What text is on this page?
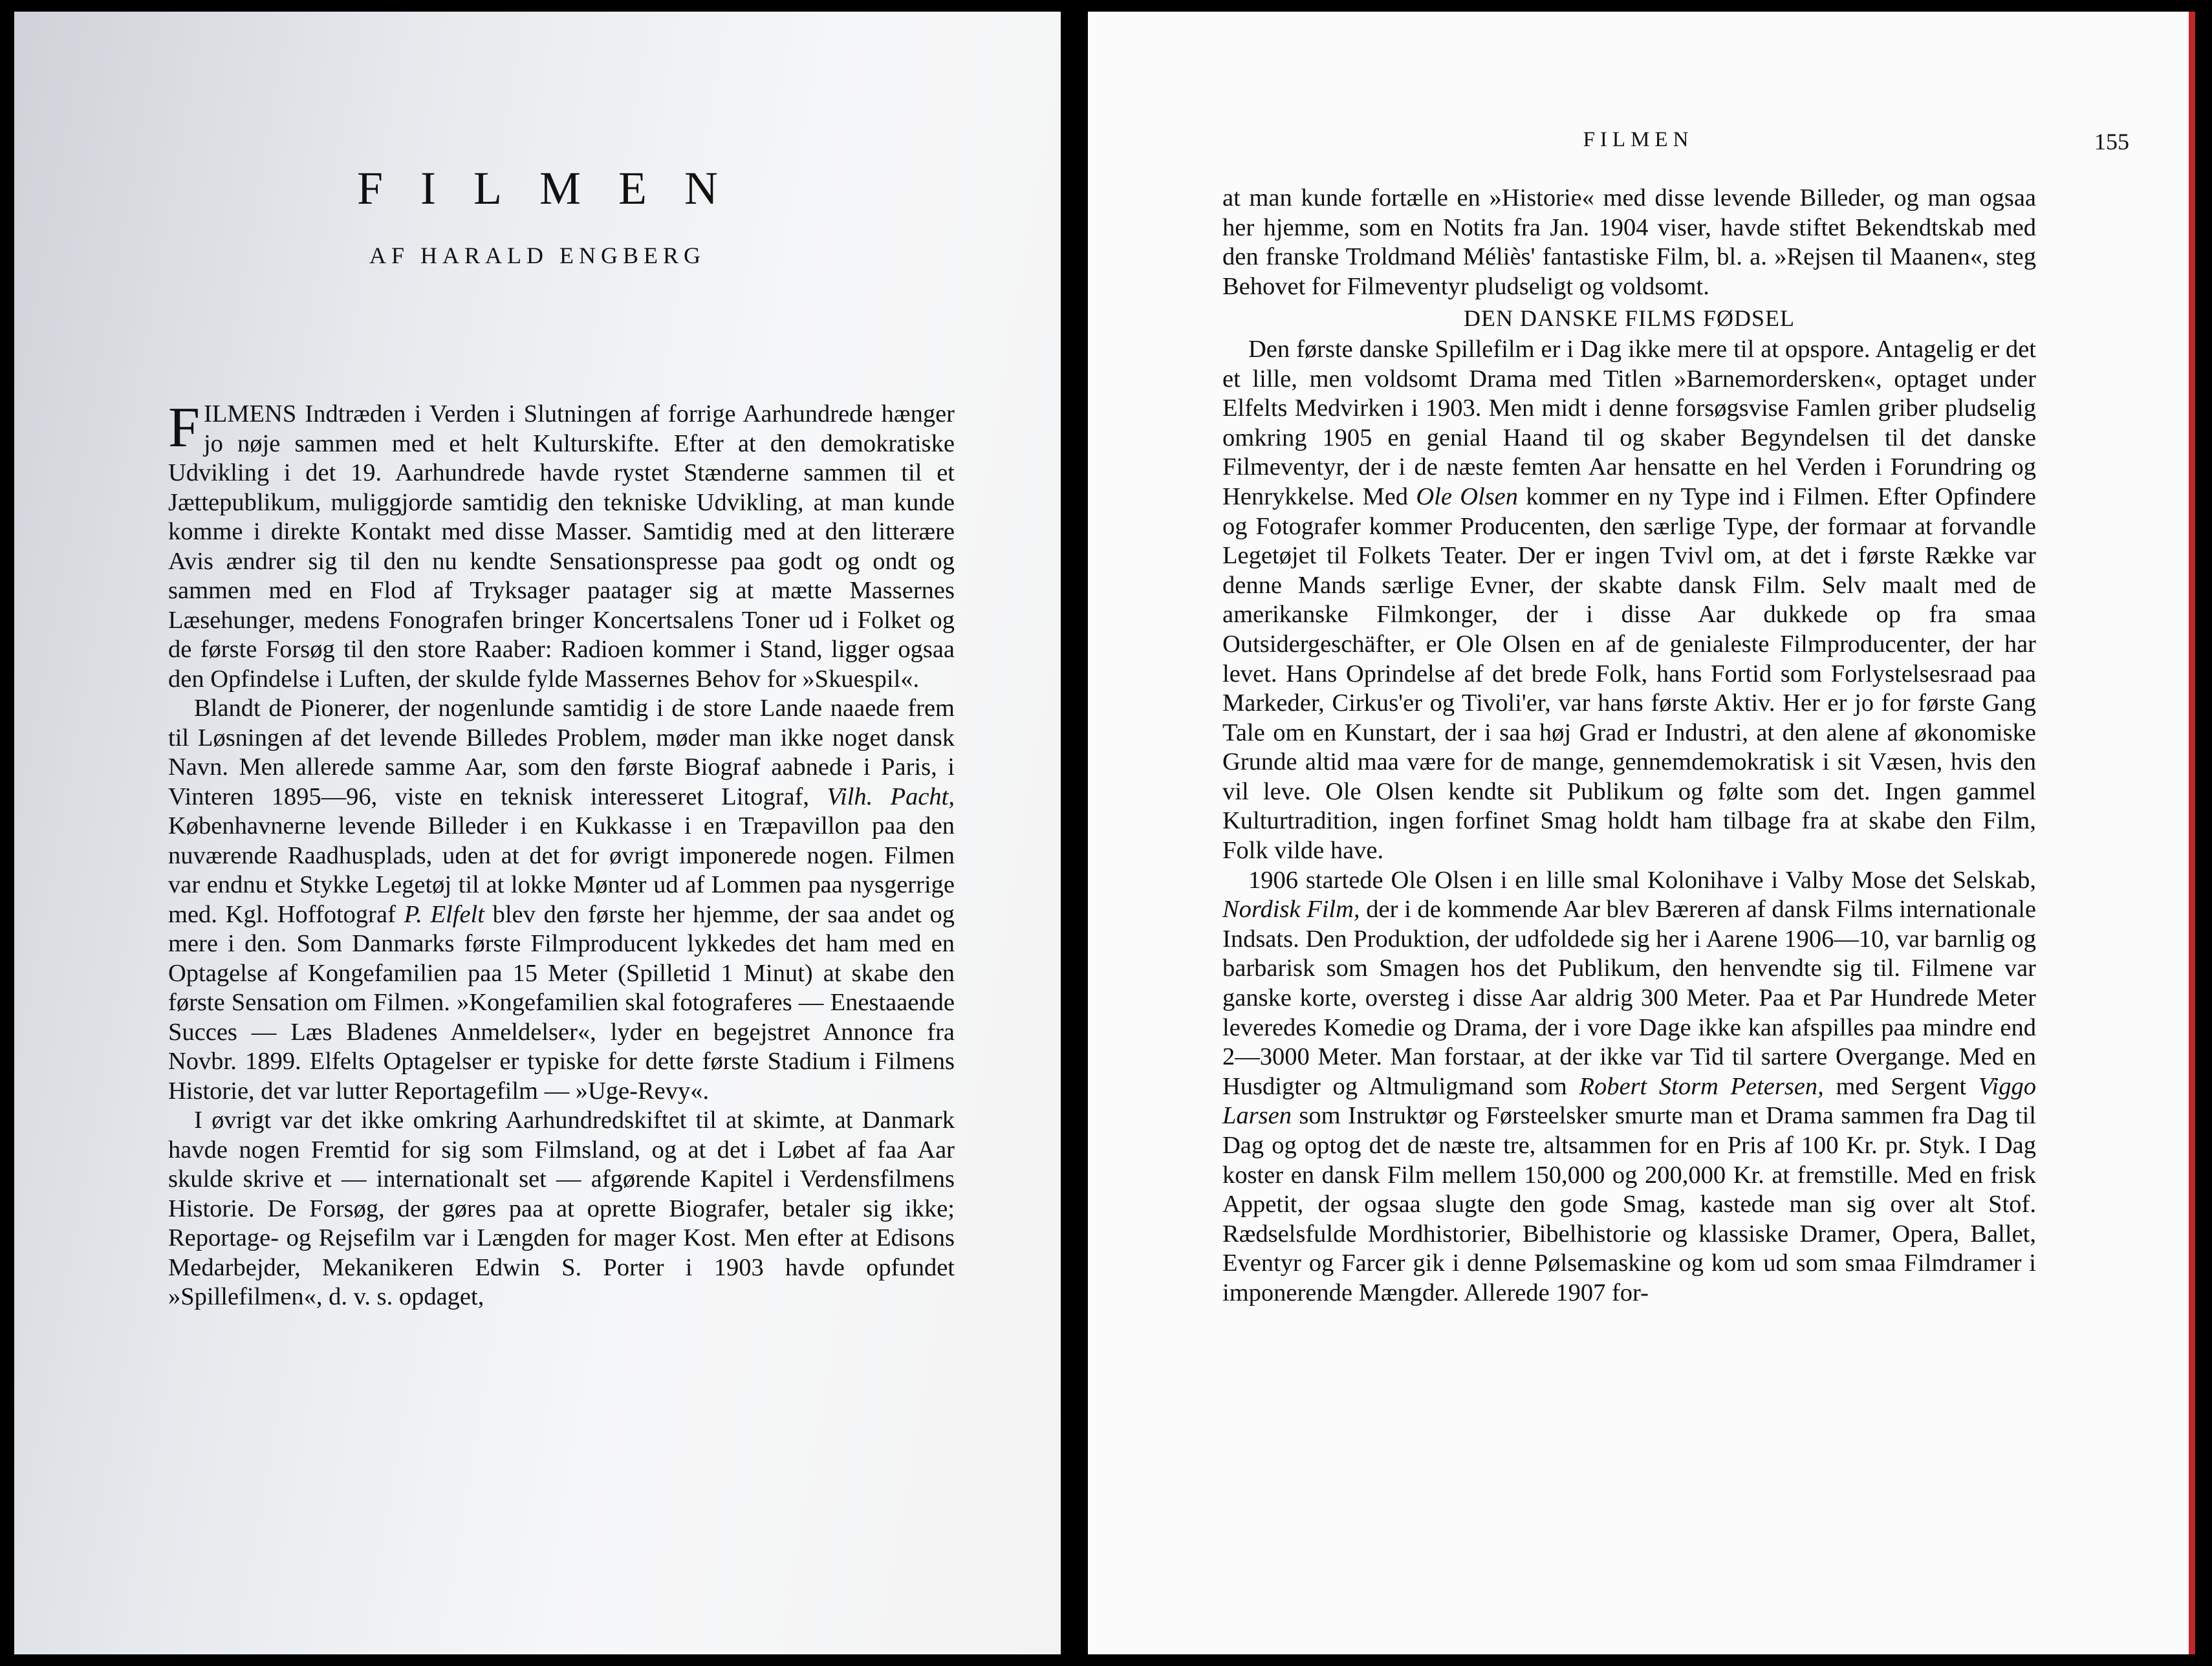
FILMEN
AF HARALD ENGBERG

FILMENS Indtræden i Verden i Slutningen af forrige Aarhundrede hænger jo nøje sammen med et helt Kulturskifte. Efter at den demokratiske Udvikling i det 19. Aarhundrede havde rystet Stænderne sammen til et Jættepublikum, muliggjorde samtidig den tekniske Udvikling, at man kunde komme i direkte Kontakt med disse Masser. Samtidig med at den litterære Avis ændrer sig til den nu kendte Sensationspresse paa godt og ondt og sammen med en Flod af Tryksager paatager sig at mætte Massernes Læsehunger, medens Fonografen bringer Koncertsalens Toner ud i Folket og de første Forsøg til den store Raaber: Radioen kommer i Stand, ligger ogsaa den Opfindelse i Luften, der skulde fylde Massernes Behov for »Skuespil«.

Blandt de Pionerer, der nogenlunde samtidig i de store Lande naaede frem til Løsningen af det levende Billedes Problem, møder man ikke noget dansk Navn. Men allerede samme Aar, som den første Biograf aabnede i Paris, i Vinteren 1895—96, viste en teknisk interesseret Litograf, Vilh. Pacht, Københavnerne levende Billeder i en Kukkasse i en Træpavillon paa den nuværende Raadhusplads, uden at det for øvrigt imponerede nogen. Filmen var endnu et Stykke Legetøj til at lokke Mønter ud af Lommen paa nysgerrige med. Kgl. Hoffotograf P. Elfelt blev den første her hjemme, der saa andet og mere i den. Som Danmarks første Filmproducent lykkedes det ham med en Optagelse af Kongefamilien paa 15 Meter (Spilletid 1 Minut) at skabe den første Sensation om Filmen. »Kongefamilien skal fotograferes — Enestaaende Succes — Læs Bladenes Anmeldelser«, lyder en begejstret Annonce fra Novbr. 1899. Elfelts Optagelser er typiske for dette første Stadium i Filmens Historie, det var lutter Reportagefilm — »Uge-Revy«.

I øvrigt var det ikke omkring Aarhundredskiftet til at skimte, at Danmark havde nogen Fremtid for sig som Filmsland, og at det i Løbet af faa Aar skulde skrive et — internationalt set — afgørende Kapitel i Verdensfilmens Historie. De Forsøg, der gøres paa at oprette Biografer, betaler sig ikke; Reportage- og Rejsefilm var i Længden for mager Kost. Men efter at Edisons Medarbejder, Mekanikeren Edwin S. Porter i 1903 havde opfundet »Spillefilmen«, d. v. s. opdaget,

FILMEN	155

at man kunde fortælle en »Historie« med disse levende Billeder, og man ogsaa her hjemme, som en Notits fra Jan. 1904 viser, havde stiftet Bekendtskab med den franske Troldmand Méliès' fantastiske Film, bl. a. »Rejsen til Maanen«, steg Behovet for Filmeventyr pludseligt og voldsomt.

DEN DANSKE FILMS FØDSEL

Den første danske Spillefilm er i Dag ikke mere til at opspore. Antagelig er det et lille, men voldsomt Drama med Titlen »Barnemordersken«, optaget under Elfelts Medvirken i 1903. Men midt i denne forsøgsvise Famlen griber pludselig omkring 1905 en genial Haand til og skaber Begyndelsen til det danske Filmeventyr, der i de næste femten Aar hensatte en hel Verden i Forundring og Henrykkelse. Med Ole Olsen kommer en ny Type ind i Filmen. Efter Opfindere og Fotografer kommer Producenten, den særlige Type, der formaar at forvandle Legetøjet til Folkets Teater. Der er ingen Tvivl om, at det i første Række var denne Mands særlige Evner, der skabte dansk Film. Selv maalt med de amerikanske Filmkonger, der i disse Aar dukkede op fra smaa Outsidergeschäfter, er Ole Olsen en af de genialeste Filmproducenter, der har levet. Hans Oprindelse af det brede Folk, hans Fortid som Forlystelsesraad paa Markeder, Cirkus'er og Tivoli'er, var hans første Aktiv. Her er jo for første Gang Tale om en Kunstart, der i saa høj Grad er Industri, at den alene af økonomiske Grunde altid maa være for de mange, gennemdemokratisk i sit Væsen, hvis den vil leve. Ole Olsen kendte sit Publikum og følte som det. Ingen gammel Kulturtradition, ingen forfinet Smag holdt ham tilbage fra at skabe den Film, Folk vilde have.

1906 startede Ole Olsen i en lille smal Kolonihave i Valby Mose det Selskab, Nordisk Film, der i de kommende Aar blev Bæreren af dansk Films internationale Indsats. Den Produktion, der udfoldede sig her i Aarene 1906—10, var barnlig og barbarisk som Smagen hos det Publikum, den henvendte sig til. Filmene var ganske korte, oversteg i disse Aar aldrig 300 Meter. Paa et Par Hundrede Meter leveredes Komedie og Drama, der i vore Dage ikke kan afspilles paa mindre end 2—3000 Meter. Man forstaar, at der ikke var Tid til sartere Overgange. Med en Husdigter og Altmuligmand som Robert Storm Petersen, med Sergent Viggo Larsen som Instruktør og Førsteelsker smurte man et Drama sammen fra Dag til Dag og optog det de næste tre, altsammen for en Pris af 100 Kr. pr. Styk. I Dag koster en dansk Film mellem 150,000 og 200,000 Kr. at fremstille. Med en frisk Appetit, der ogsaa slugte den gode Smag, kastede man sig over alt Stof. Rædselsfulde Mordhistorier, Bibelhistorie og klassiske Dramer, Opera, Ballet, Eventyr og Farcer gik i denne Pølsemaskine og kom ud som smaa Filmdramer i imponerende Mængder. Allerede 1907 for-
